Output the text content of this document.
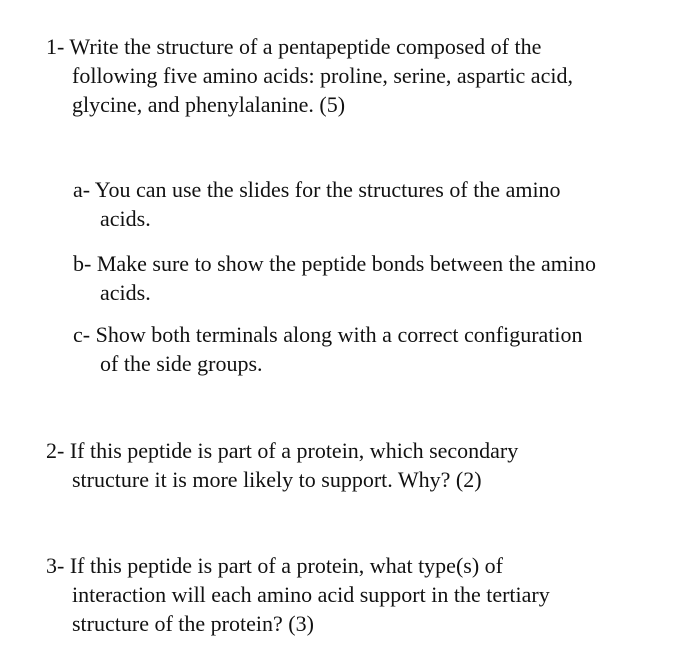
1- Write the structure of a pentapeptide composed of the
following five amino acids: proline, serine, aspartic acid,
glycine, and phenylalanine. (5)
a- You can use the slides for the structures of the amino
acids.
b- Make sure to show the peptide bonds between the amino
acids.
c- Show both terminals along with a correct configuration
of the side groups.
2- If this peptide is part of a protein, which secondary
structure it is more likely to support. Why? (2)
3- If this peptide is part of a protein, what type(s) of
interaction will each amino acid support in the tertiary
structure of the protein? (3)
